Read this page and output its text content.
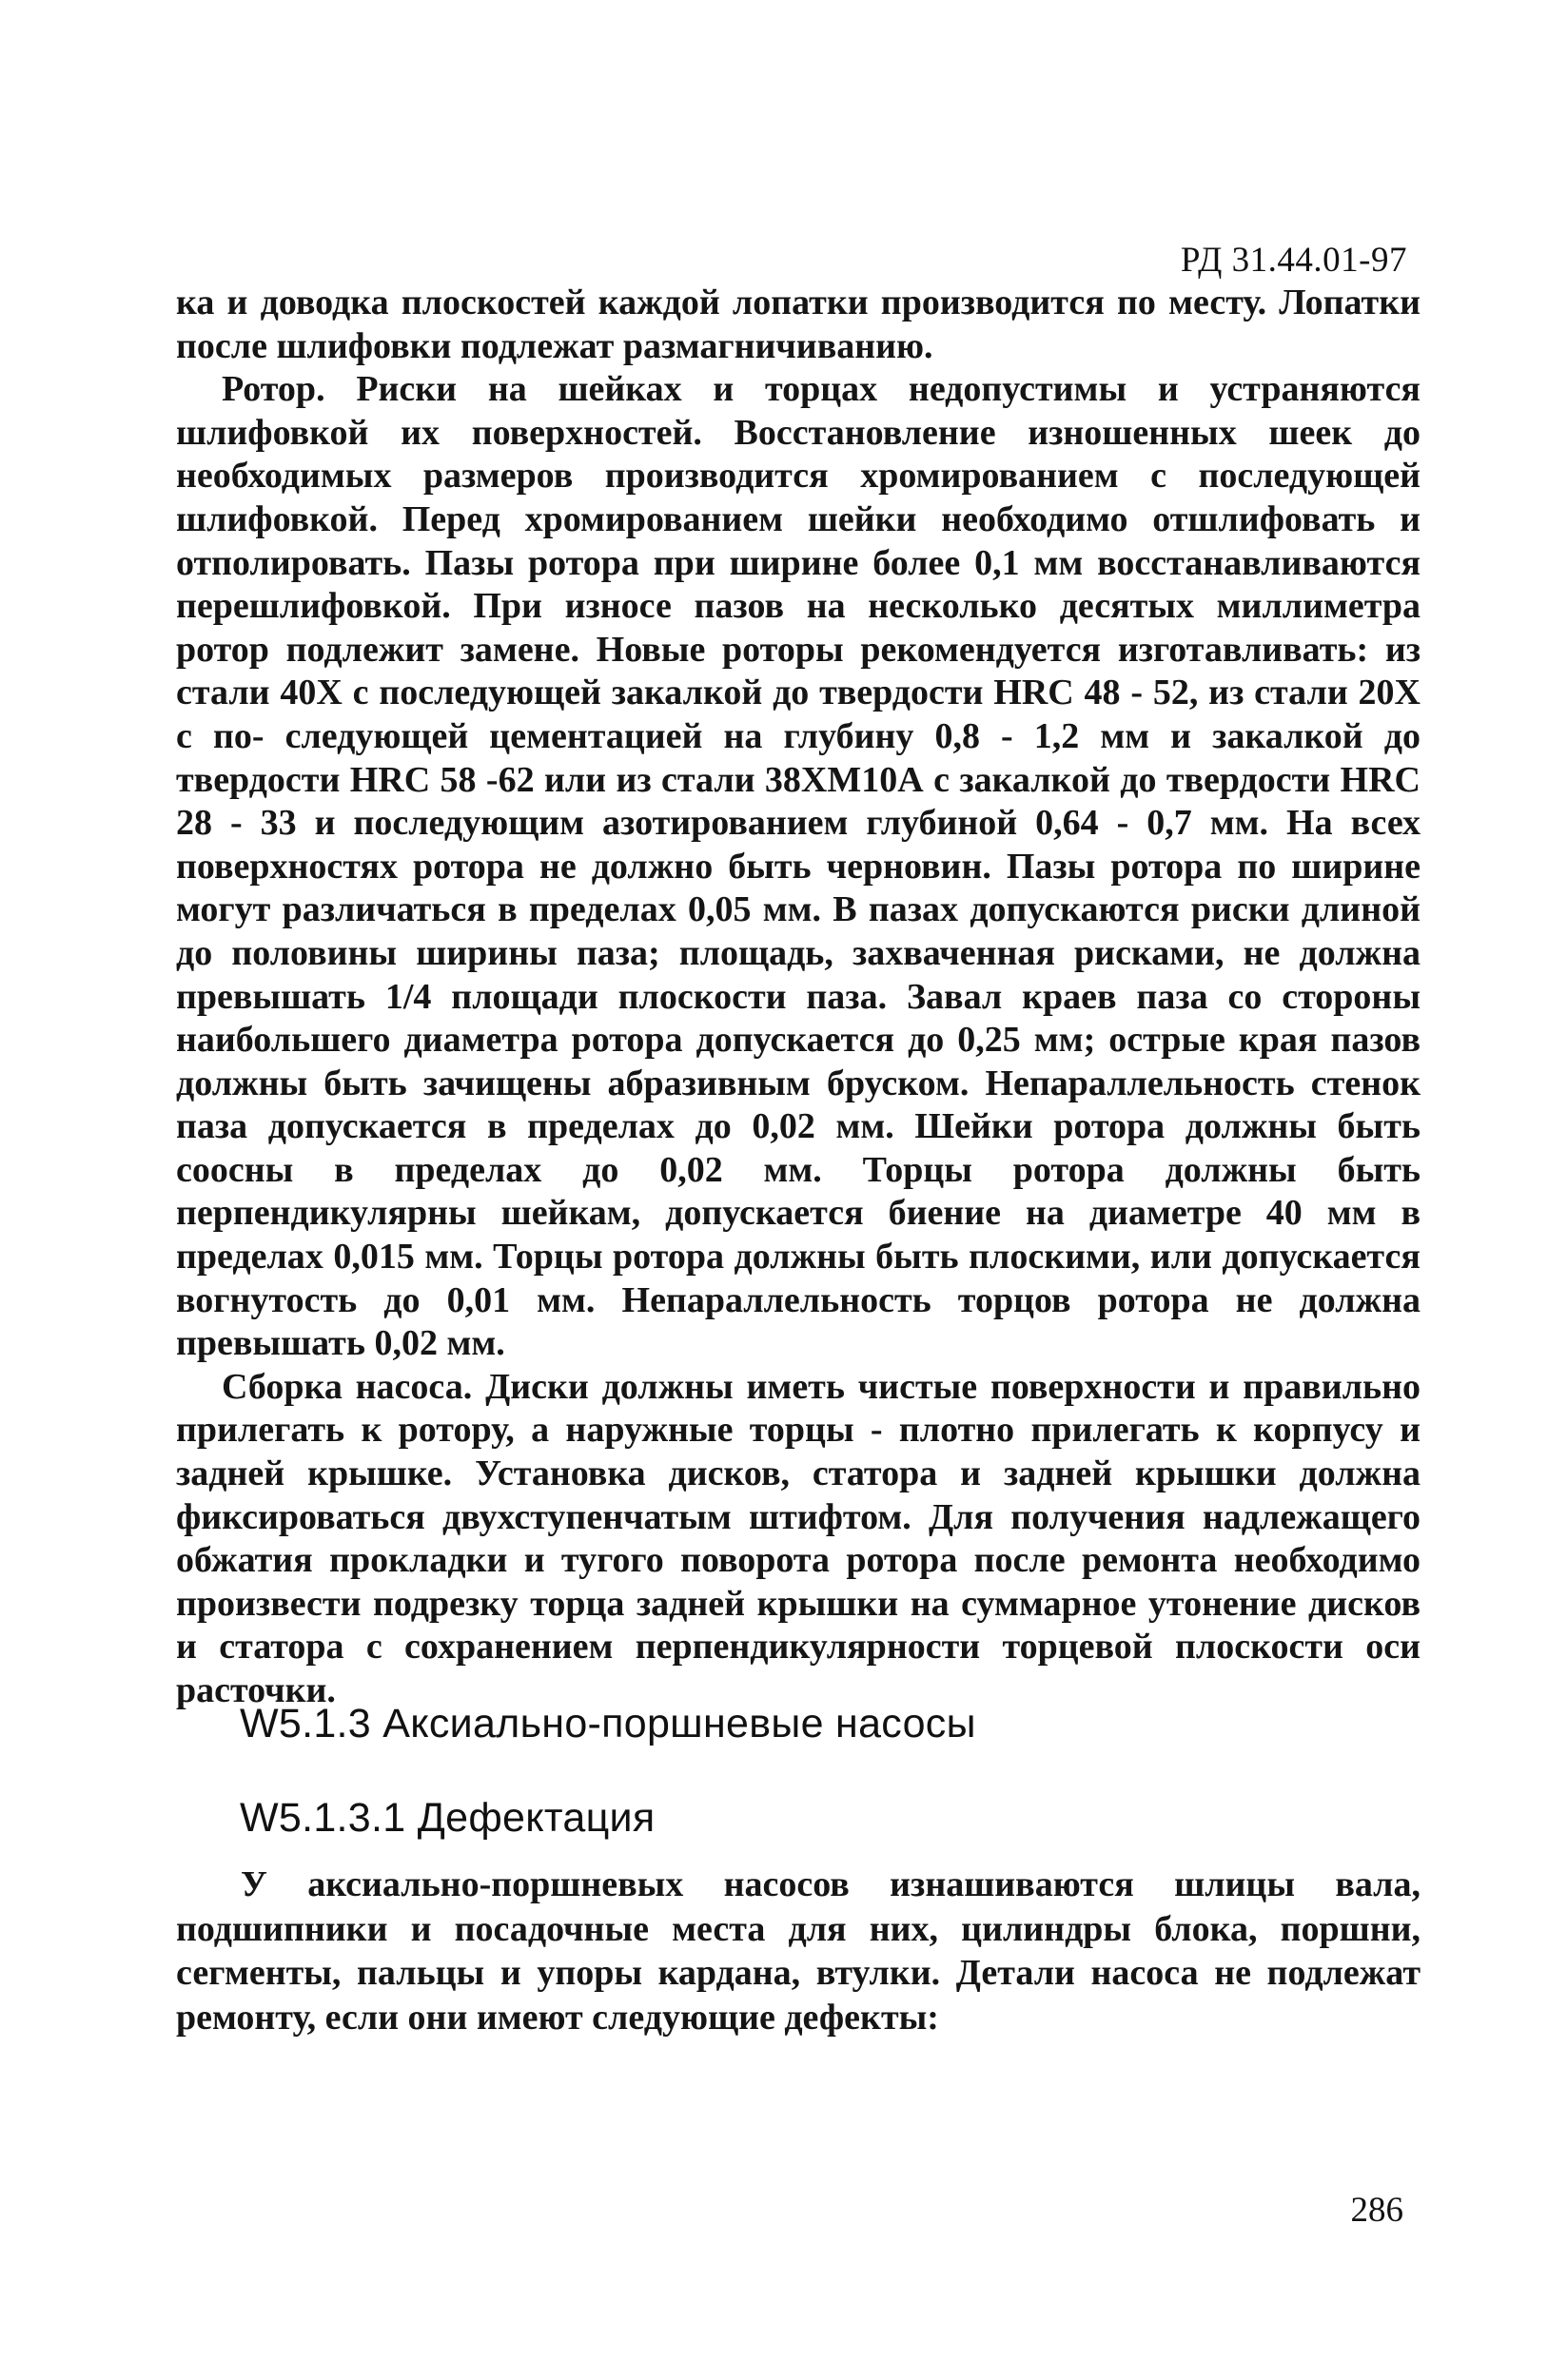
РД 31.44.01-97

ка и доводка плоскостей каждой лопатки производится по месту. Лопатки после шлифовки подлежат размагничиванию.

Ротор. Риски на шейках и торцах недопустимы и устраняются шлифовкой их поверхностей. Восстановление изношенных шеек до необходимых размеров производится хромированием с последующей шлифовкой. Перед хромированием шейки необходимо отшлифовать и отполировать. Пазы ротора при ширине более 0,1 мм восстанавливаются перешлифовкой. При износе пазов на несколько десятых миллиметра ротор подлежит замене. Новые роторы рекомендуется изготавливать: из стали 40Х с последующей закалкой до твердости HRC 48 - 52, из стали 20Х с по- следующей цементацией на глубину 0,8 - 1,2 мм и закалкой до твердости HRC 58 -62 или из стали 38ХМ10А с закалкой до твердости HRC 28 - 33 и последующим азотированием глубиной 0,64 - 0,7 мм. На всех поверхностях ротора не должно быть черновин. Пазы ротора по ширине могут различаться в пределах 0,05 мм. В пазах допускаются риски длиной до половины ширины паза; площадь, захваченная рисками, не должна превышать 1/4 площади плоскости паза. Завал краев паза со стороны наибольшего диаметра ротора допускается до 0,25 мм; острые края пазов должны быть зачищены абразивным бруском. Непараллельность стенок паза допускается в пределах до 0,02 мм. Шейки ротора должны быть соосны в пределах до 0,02 мм. Торцы ротора должны быть перпендикулярны шейкам, допускается биение на диаметре 40 мм в пределах 0,015 мм. Торцы ротора должны быть плоскими, или допускается вогнутость до 0,01 мм. Непараллельность торцов ротора не должна превышать 0,02 мм.

Сборка насоса. Диски должны иметь чистые поверхности и правильно прилегать к ротору, а наружные торцы - плотно прилегать к корпусу и задней крышке. Установка дисков, статора и задней крышки должна фиксироваться двухступенчатым штифтом. Для получения надлежащего обжатия прокладки и тугого поворота ротора после ремонта необходимо произвести подрезку торца задней крышки на суммарное утонение дисков и статора с сохранением перпендикулярности торцевой плоскости оси расточки.

W5.1.3 Аксиально-поршневые насосы
W5.1.3.1 Дефектация

У аксиально-поршневых насосов изнашиваются шлицы вала, подшипники и посадочные места для них, цилиндры блока, поршни, сегменты, пальцы и упоры кардана, втулки. Детали насоса не подлежат ремонту, если они имеют следующие дефекты:

286
